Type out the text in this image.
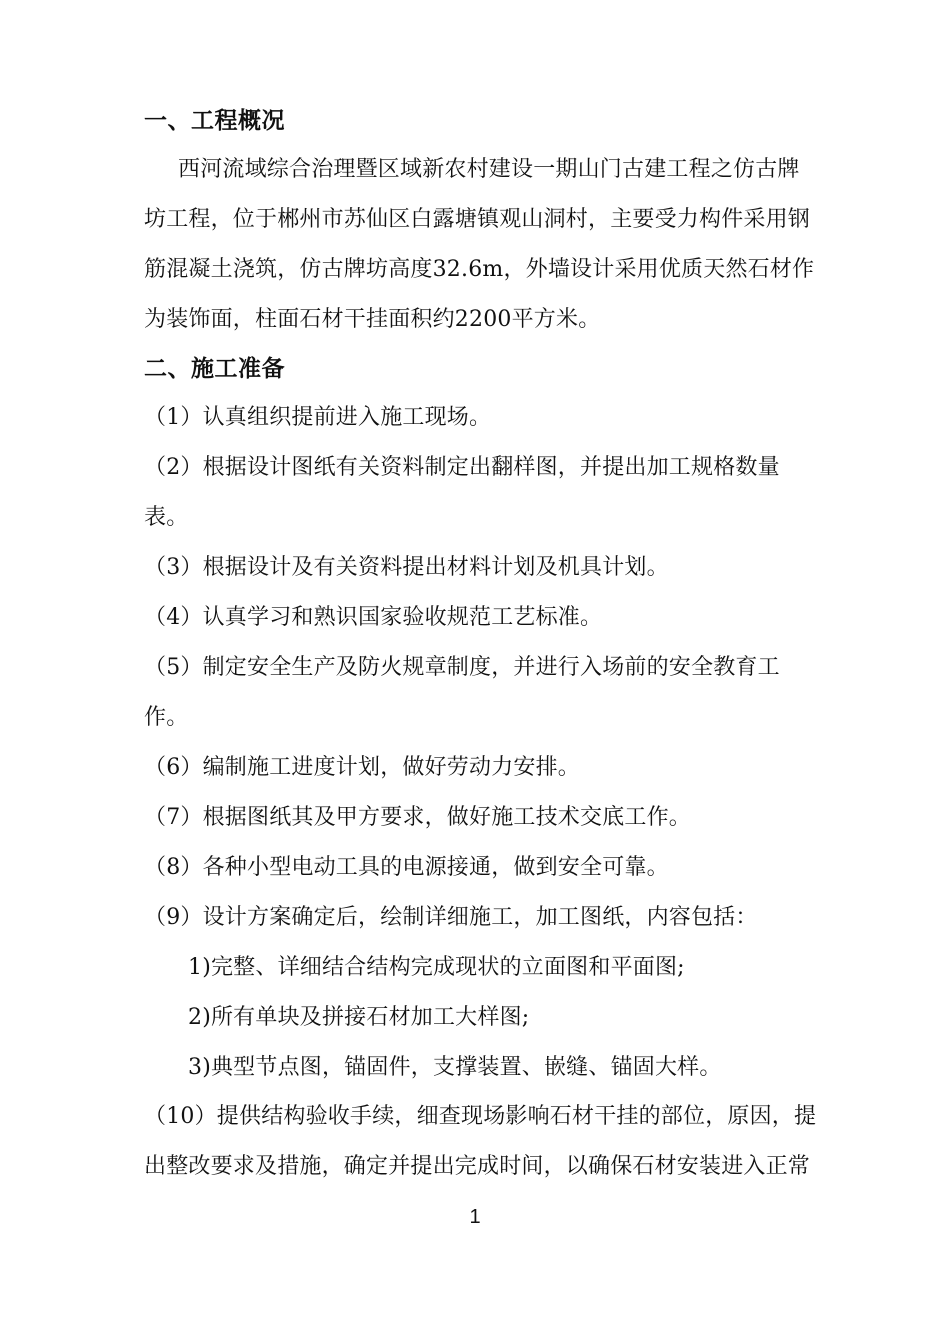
一、工程概况
西河流域综合治理暨区域新农村建设一期山门古建工程之仿古牌
坊工程，位于郴州市苏仙区白露塘镇观山洞村，主要受力构件采用钢
筋混凝土浇筑，仿古牌坊高度32.6m，外墙设计采用优质天然石材作
为装饰面，柱面石材干挂面积约2200平方米。
二、施工准备
（1）认真组织提前进入施工现场。
（2）根据设计图纸有关资料制定出翻样图，并提出加工规格数量
表。
（3）根据设计及有关资料提出材料计划及机具计划。
（4）认真学习和熟识国家验收规范工艺标准。
（5）制定安全生产及防火规章制度，并进行入场前的安全教育工
作。
（6）编制施工进度计划，做好劳动力安排。
（7）根据图纸其及甲方要求，做好施工技术交底工作。
（8）各种小型电动工具的电源接通，做到安全可靠。
（9）设计方案确定后，绘制详细施工，加工图纸，内容包括：
1)完整、详细结合结构完成现状的立面图和平面图;
2)所有单块及拼接石材加工大样图;
3)典型节点图，锚固件，支撑装置、嵌缝、锚固大样。
（10）提供结构验收手续，细查现场影响石材干挂的部位，原因，提
出整改要求及措施，确定并提出完成时间，以确保石材安装进入正常
1
